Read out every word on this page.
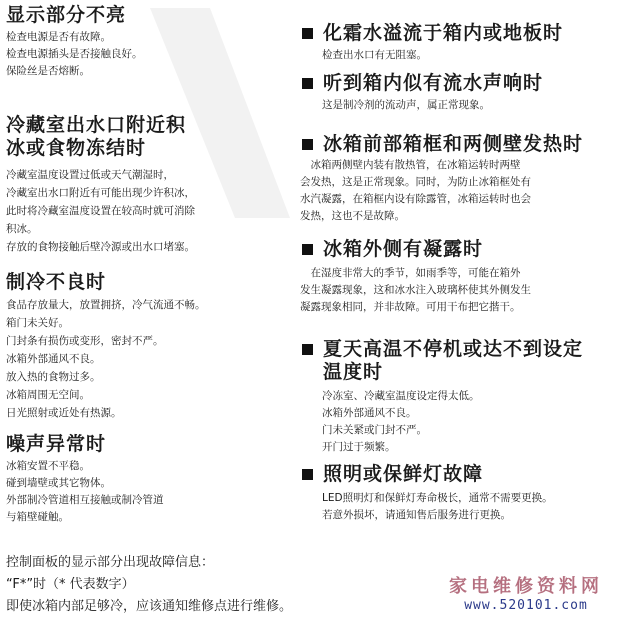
显示部分不亮

检查电源是否有故障。

检查电源插头是否接触良好。

保险丝是否熔断。

冷藏室出水口附近积
冰或食物冻结时

冷藏室温度设置过低或天气潮湿时，

冷藏室出水口附近有可能出现少许积冰，

此时将冷藏室温度设置在较高时就可消除

积冰。

存放的食物接触后壁冷源或出水口堵塞。

制冷不良时

食品存放量大，放置拥挤，冷气流通不畅。

箱门未关好。

门封条有损伤或变形，密封不严。

冰箱外部通风不良。

放入热的食物过多。

冰箱周围无空间。

日光照射或近处有热源。

噪声异常时

冰箱安置不平稳。

碰到墙壁或其它物体。

外部制冷管道相互接触或制冷管道

与箱壁碰触。

化霜水溢流于箱内或地板时

检查出水口有无阻塞。

听到箱内似有流水声响时

这是制冷剂的流动声，属正常现象。

冰箱前部箱框和两侧壁发热时

　冰箱两侧壁内装有散热管，在冰箱运转时两壁

会发热，这是正常现象。同时，为防止冰箱框处有

水汽凝露，在箱框内设有除露管，冰箱运转时也会

发热，这也不是故障。

冰箱外侧有凝露时

　在湿度非常大的季节，如雨季等，可能在箱外

发生凝露现象，这和冰水注入玻璃杯使其外侧发生

凝露现象相同，并非故障。可用干布把它揩干。

夏天高温不停机或达不到设定
温度时

冷冻室、冷藏室温度设定得太低。

冰箱外部通风不良。

门未关紧或门封不严。

开门过于频繁。

照明或保鲜灯故障

LED照明灯和保鲜灯寿命极长，通常不需要更换。

若意外损坏，请通知售后服务进行更换。

控制面板的显示部分出现故障信息：

“F*”时（* 代表数字）

即使冰箱内部足够冷，应该通知维修点进行维修。

家电维修资料网
www.520101.com
